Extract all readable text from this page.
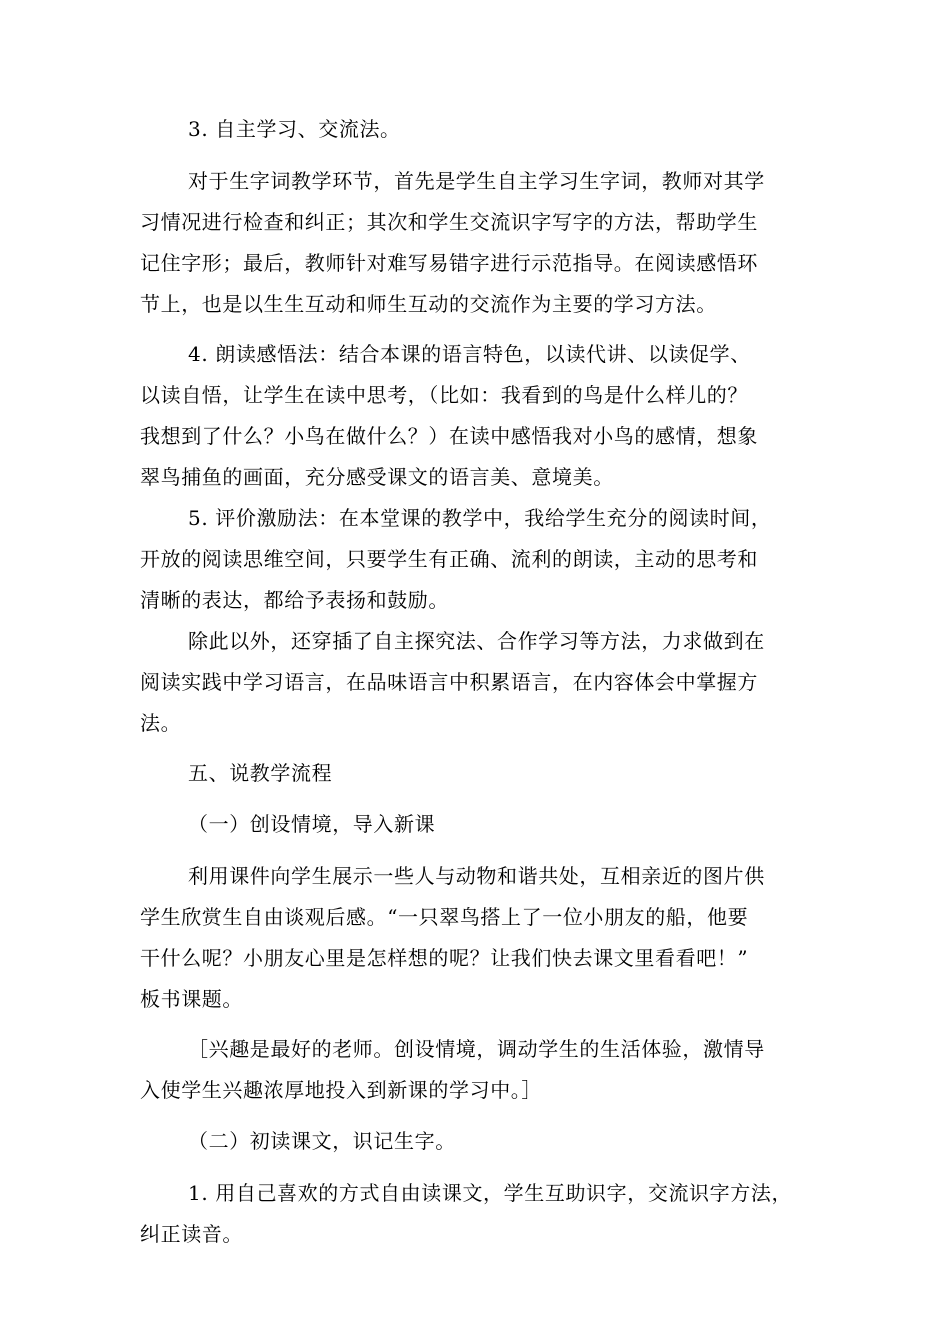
3. 自主学习、交流法。
对于生字词教学环节，首先是学生自主学习生字词，教师对其学
习情况进行检查和纠正；其次和学生交流识字写字的方法，帮助学生
记住字形；最后，教师针对难写易错字进行示范指导。在阅读感悟环
节上，也是以生生互动和师生互动的交流作为主要的学习方法。
4. 朗读感悟法：结合本课的语言特色，以读代讲、以读促学、
以读自悟，让学生在读中思考，（比如：我看到的鸟是什么样儿的？
我想到了什么？小鸟在做什么？）在读中感悟我对小鸟的感情，想象
翠鸟捕鱼的画面，充分感受课文的语言美、意境美。
5. 评价激励法：在本堂课的教学中，我给学生充分的阅读时间，
开放的阅读思维空间，只要学生有正确、流利的朗读，主动的思考和
清晰的表达，都给予表扬和鼓励。
除此以外，还穿插了自主探究法、合作学习等方法，力求做到在
阅读实践中学习语言，在品味语言中积累语言，在内容体会中掌握方
法。
五、说教学流程
（一）创设情境，导入新课
利用课件向学生展示一些人与动物和谐共处，互相亲近的图片供
学生欣赏生自由谈观后感。“一只翠鸟搭上了一位小朋友的船，他要
干什么呢？小朋友心里是怎样想的呢？让我们快去课文里看看吧！”
板书课题。
［兴趣是最好的老师。创设情境，调动学生的生活体验，激情导
入使学生兴趣浓厚地投入到新课的学习中。］
（二）初读课文，识记生字。
1. 用自己喜欢的方式自由读课文，学生互助识字，交流识字方法，
纠正读音。
